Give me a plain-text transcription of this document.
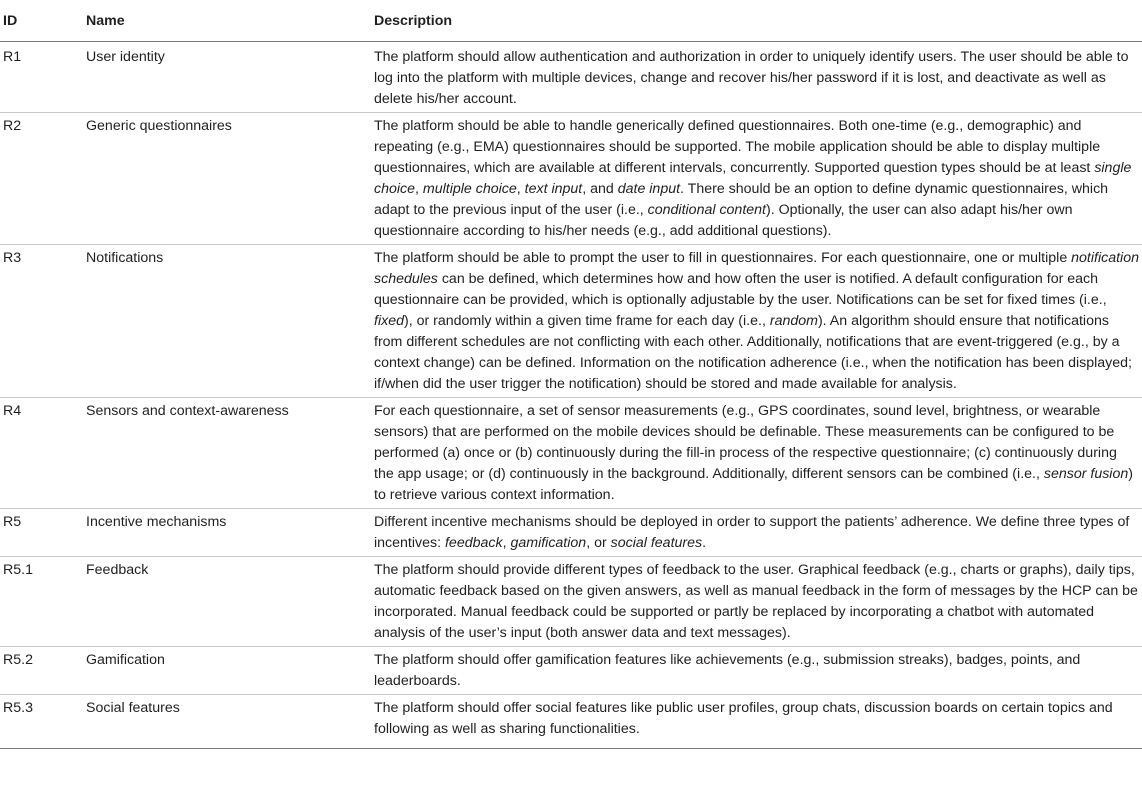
ID	Name	Description
R1	User identity	The platform should allow authentication and authorization in order to uniquely identify users. The user should be able to log into the platform with multiple devices, change and recover his/her password if it is lost, and deactivate as well as delete his/her account.

R2	Generic questionnaires	The platform should be able to handle generically defined questionnaires. Both one-time (e.g., demographic) and repeating (e.g., EMA) questionnaires should be supported. The mobile application should be able to display multiple questionnaires, which are available at different intervals, concurrently. Supported question types should be at least single choice, multiple choice, text input, and date input. There should be an option to define dynamic questionnaires, which adapt to the previous input of the user (i.e., conditional content). Optionally, the user can also adapt his/her own questionnaire according to his/her needs (e.g., add additional questions).

R3	Notifications	The platform should be able to prompt the user to fill in questionnaires. For each questionnaire, one or multiple notification schedules can be defined, which determines how and how often the user is notified. A default configuration for each questionnaire can be provided, which is optionally adjustable by the user. Notifications can be set for fixed times (i.e., fixed), or randomly within a given time frame for each day (i.e., random). An algorithm should ensure that notifications from different schedules are not conflicting with each other. Additionally, notifications that are event-triggered (e.g., by a context change) can be defined. Information on the notification adherence (i.e., when the notification has been displayed; if/when did the user trigger the notification) should be stored and made available for analysis.

R4	Sensors and context-awareness	For each questionnaire, a set of sensor measurements (e.g., GPS coordinates, sound level, brightness, or wearable sensors) that are performed on the mobile devices should be definable. These measurements can be configured to be performed (a) once or (b) continuously during the fill-in process of the respective questionnaire; (c) continuously during the app usage; or (d) continuously in the background. Additionally, different sensors can be combined (i.e., sensor fusion) to retrieve various context information.

R5	Incentive mechanisms	Different incentive mechanisms should be deployed in order to support the patients’ adherence. We define three types of incentives: feedback, gamification, or social features.

R5.1	Feedback	The platform should provide different types of feedback to the user. Graphical feedback (e.g., charts or graphs), daily tips, automatic feedback based on the given answers, as well as manual feedback in the form of messages by the HCP can be incorporated. Manual feedback could be supported or partly be replaced by incorporating a chatbot with automated analysis of the user’s input (both answer data and text messages).

R5.2	Gamification	The platform should offer gamification features like achievements (e.g., submission streaks), badges, points, and leaderboards.

R5.3	Social features	The platform should offer social features like public user profiles, group chats, discussion boards on certain topics and following as well as sharing functionalities.
